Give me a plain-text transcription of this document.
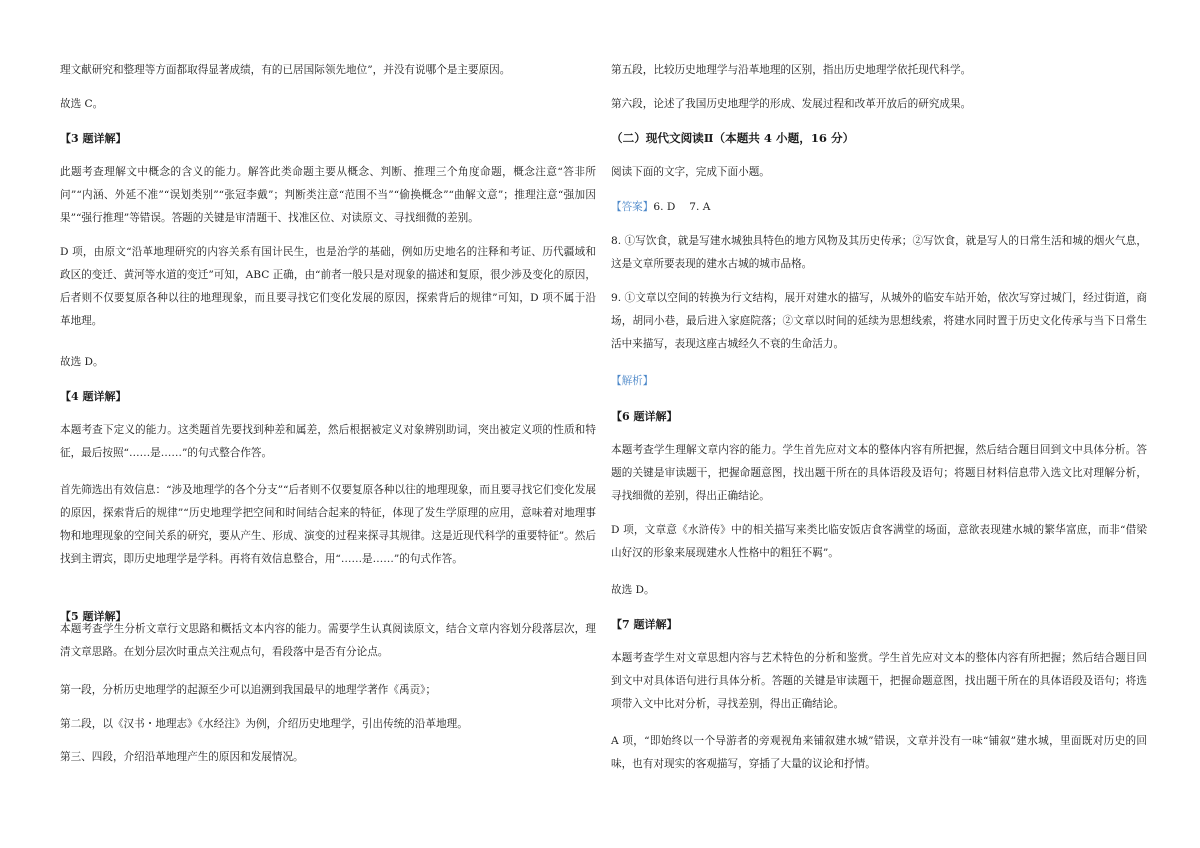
理文献研究和整理等方面都取得显著成绩，有的已居国际领先地位”，并没有说哪个是主要原因。

故选 C。

【3 题详解】

此题考查理解文中概念的含义的能力。解答此类命题主要从概念、判断、推理三个角度命题，概念注意“答非所问”“内涵、外延不准”“误划类别”“张冠李戴”；判断类注意“范围不当”“偷换概念”“曲解文意”；推理注意“强加因果”“强行推理”等错误。答题的关键是审清题干、找准区位、对读原文、寻找细微的差别。

D 项，由原文“沿革地理研究的内容关系有国计民生，也是治学的基础，例如历史地名的注释和考证、历代疆域和政区的变迁、黄河等水道的变迁”可知，ABC 正确，由“前者一般只是对现象的描述和复原，很少涉及变化的原因，后者则不仅要复原各种以往的地理现象，而且要寻找它们变化发展的原因，探索背后的规律”可知，D 项不属于沿革地理。

故选 D。

【4 题详解】

本题考查下定义的能力。这类题首先要找到种差和属差，然后根据被定义对象辨别助词，突出被定义项的性质和特征，最后按照“……是……”的句式整合作答。

首先筛选出有效信息：“涉及地理学的各个分支”“后者则不仅要复原各种以往的地理现象，而且要寻找它们变化发展的原因，探索背后的规律”“历史地理学把空间和时间结合起来的特征，体现了发生学原理的应用，意味着对地理事物和地理现象的空间关系的研究，要从产生、形成、演变的过程来探寻其规律。这是近现代科学的重要特征”。然后找到主谓宾，即历史地理学是学科。再将有效信息整合，用“……是……”的句式作答。

【5 题详解】

本题考查学生分析文章行文思路和概括文本内容的能力。需要学生认真阅读原文，结合文章内容划分段落层次，理清文章思路。在划分层次时重点关注观点句，看段落中是否有分论点。

第一段，分析历史地理学的起源至少可以追溯到我国最早的地理学著作《禹贡》；

第二段，以《汉书・地理志》《水经注》为例，介绍历史地理学，引出传统的沿革地理。

第三、四段，介绍沿革地理产生的原因和发展情况。

第五段，比较历史地理学与沿革地理的区别，指出历史地理学依托现代科学。

第六段，论述了我国历史地理学的形成、发展过程和改革开放后的研究成果。

（二）现代文阅读Ⅱ（本题共 4 小题，16 分）

阅读下面的文字，完成下面小题。

【答案】6. D　 7. A

8. ①写饮食，就是写建水城独具特色的地方风物及其历史传承；②写饮食，就是写人的日常生活和城的烟火气息，这是文章所要表现的建水古城的城市品格。

9. ①文章以空间的转换为行文结构，展开对建水的描写，从城外的临安车站开始，依次写穿过城门，经过街道，商场，胡同小巷，最后进入家庭院落；②文章以时间的延续为思想线索，将建水同时置于历史文化传承与当下日常生活中来描写，表现这座古城经久不衰的生命活力。

【解析】

【6 题详解】

本题考查学生理解文章内容的能力。学生首先应对文本的整体内容有所把握，然后结合题目回到文中具体分析。答题的关键是审读题干，把握命题意图，找出题干所在的具体语段及语句；将题目材料信息带入选文比对理解分析，寻找细微的差别，得出正确结论。

D 项，文章意《水浒传》中的相关描写来类比临安饭店食客满堂的场面，意欲表现建水城的繁华富庶，而非“借梁山好汉的形象来展现建水人性格中的粗狂不羁”。

故选 D。

【7 题详解】

本题考查学生对文章思想内容与艺术特色的分析和鉴赏。学生首先应对文本的整体内容有所把握；然后结合题目回到文中对具体语句进行具体分析。答题的关键是审读题干，把握命题意图，找出题干所在的具体语段及语句；将选项带入文中比对分析，寻找差别，得出正确结论。

A 项，“即始终以一个导游者的旁观视角来铺叙建水城”错误，文章并没有一味“铺叙”建水城，里面既对历史的回味，也有对现实的客观描写，穿插了大量的议论和抒情。
